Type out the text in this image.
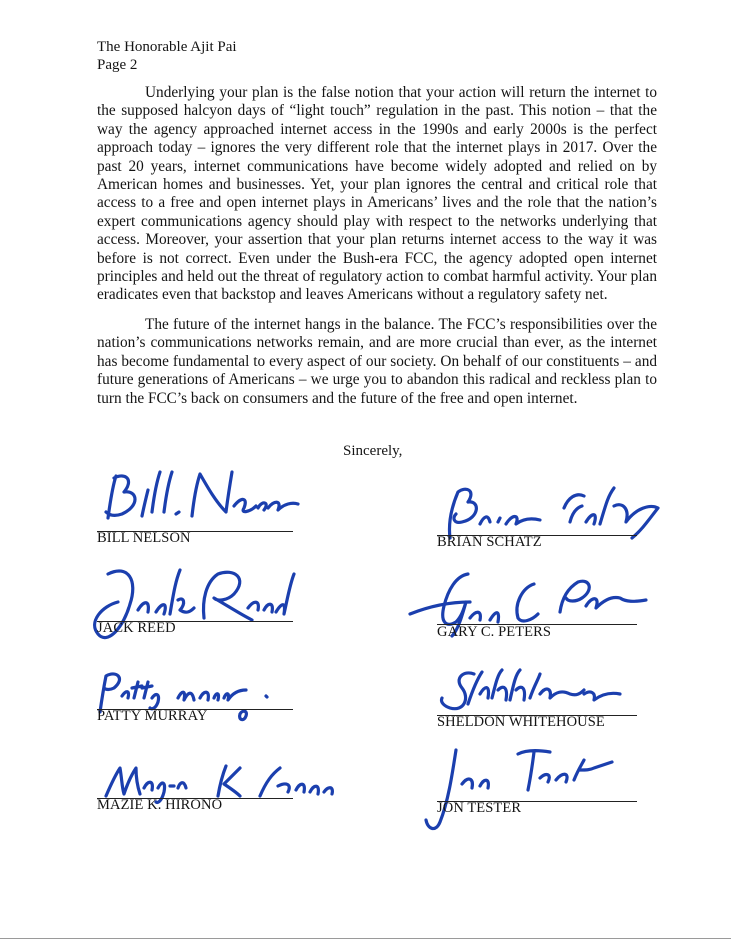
The Honorable Ajit Pai
Page 2

Underlying your plan is the false notion that your action will return the internet to the supposed halcyon days of “light touch” regulation in the past. This notion – that the way the agency approached internet access in the 1990s and early 2000s is the perfect approach today – ignores the very different role that the internet plays in 2017. Over the past 20 years, internet communications have become widely adopted and relied on by American homes and businesses. Yet, your plan ignores the central and critical role that access to a free and open internet plays in Americans’ lives and the role that the nation’s expert communications agency should play with respect to the networks underlying that access. Moreover, your assertion that your plan returns internet access to the way it was before is not correct. Even under the Bush-era FCC, the agency adopted open internet principles and held out the threat of regulatory action to combat harmful activity. Your plan eradicates even that backstop and leaves Americans without a regulatory safety net.

The future of the internet hangs in the balance. The FCC’s responsibilities over the nation’s communications networks remain, and are more crucial than ever, as the internet has become fundamental to every aspect of our society. On behalf of our constituents – and future generations of Americans – we urge you to abandon this radical and reckless plan to turn the FCC’s back on consumers and the future of the free and open internet.

Sincerely,
BILL NELSON	BRIAN SCHATZ
JACK REED	GARY C. PETERS
PATTY MURRAY	SHELDON WHITEHOUSE
MAZIE K. HIRONO	JON TESTER
